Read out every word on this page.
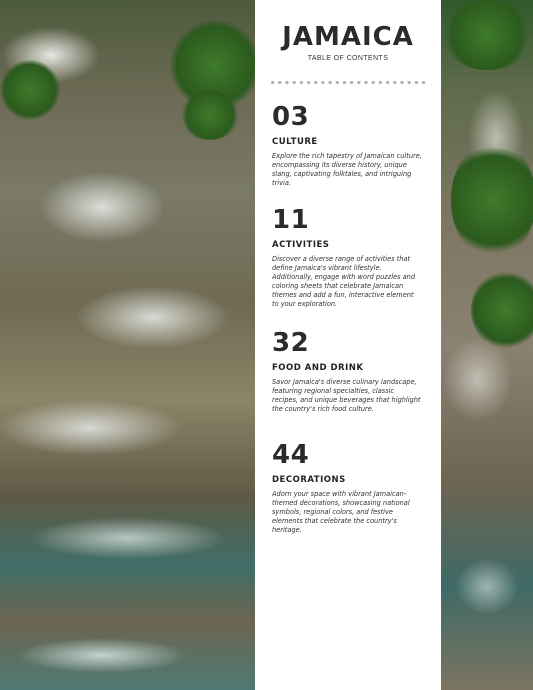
JAMAICA
TABLE OF CONTENTS
03
CULTURE
Explore the rich tapestry of Jamaican culture, encompassing its diverse history, unique slang, captivating folktales, and intriguing trivia.
11
ACTIVITIES
Discover a diverse range of activities that define Jamaica's vibrant lifestyle. Additionally, engage with word puzzles and coloring sheets that celebrate Jamaican themes and add a fun, interactive element to your exploration.
32
FOOD AND DRINK
Savor Jamaica's diverse culinary landscape, featuring regional specialties, classic recipes, and unique beverages that highlight the country's rich food culture.
44
DECORATIONS
Adorn your space with vibrant Jamaican-themed decorations, showcasing national symbols, regional colors, and festive elements that celebrate the country's heritage.
